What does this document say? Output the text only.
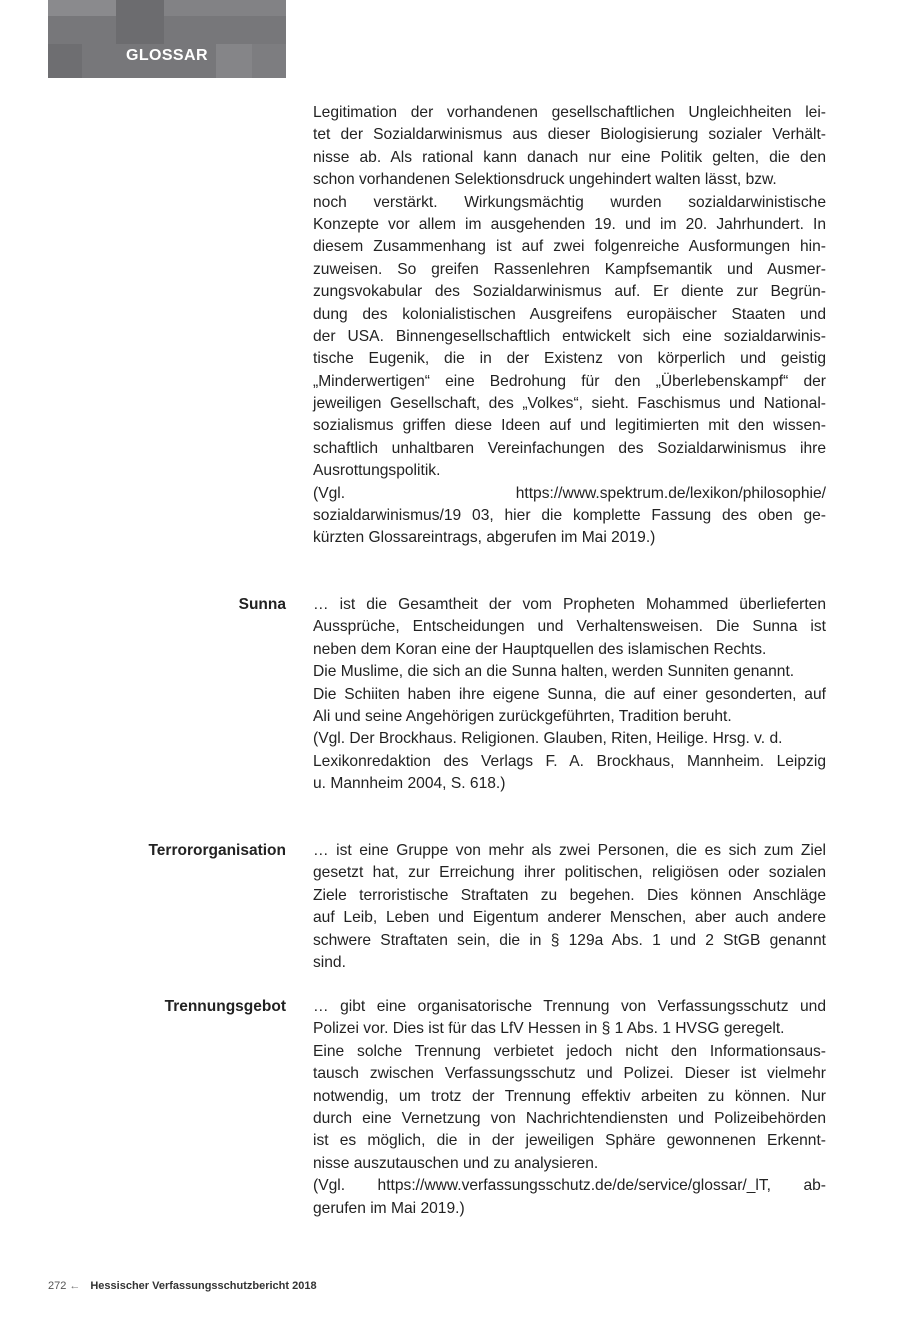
GLOSSAR
Legitimation der vorhandenen gesellschaftlichen Ungleichheiten lei-
tet der Sozialdarwinismus aus dieser Biologisierung sozialer Verhält-
nisse ab. Als rational kann danach nur eine Politik gelten, die den
schon vorhandenen Selektionsdruck ungehindert walten lässt, bzw.
noch verstärkt. Wirkungsmächtig wurden sozialdarwinistische
Konzepte vor allem im ausgehenden 19. und im 20. Jahrhundert. In
diesem Zusammenhang ist auf zwei folgenreiche Ausformungen hin-
zuweisen. So greifen Rassenlehren Kampfsemantik und Ausmer-
zungsvokabular des Sozialdarwinismus auf. Er diente zur Begrün-
dung des kolonialistischen Ausgreifens europäischer Staaten und
der USA. Binnengesellschaftlich entwickelt sich eine sozialdarwinis-
tische Eugenik, die in der Existenz von körperlich und geistig
„Minderwertigen“ eine Bedrohung für den „Überlebenskampf“ der
jeweiligen Gesellschaft, des „Volkes“, sieht. Faschismus und National-
sozialismus griffen diese Ideen auf und legitimierten mit den wissen-
schaftlich unhaltbaren Vereinfachungen des Sozialdarwinismus ihre
Ausrottungspolitik.
(Vgl. https://www.spektrum.de/lexikon/philosophie/
sozialdarwinismus/19 03, hier die komplette Fassung des oben ge-
kürzten Glossareintrags, abgerufen im Mai 2019.)
Sunna … ist die Gesamtheit der vom Propheten Mohammed überlieferten
Aussprüche, Entscheidungen und Verhaltensweisen. Die Sunna ist
neben dem Koran eine der Hauptquellen des islamischen Rechts.
Die Muslime, die sich an die Sunna halten, werden Sunniten genannt.
Die Schiiten haben ihre eigene Sunna, die auf einer gesonderten, auf
Ali und seine Angehörigen zurückgeführten, Tradition beruht.
(Vgl. Der Brockhaus. Religionen. Glauben, Riten, Heilige. Hrsg. v. d.
Lexikonredaktion des Verlags F. A. Brockhaus, Mannheim. Leipzig
u. Mannheim 2004, S. 618.)
Terrororganisation … ist eine Gruppe von mehr als zwei Personen, die es sich zum Ziel
gesetzt hat, zur Erreichung ihrer politischen, religiösen oder sozialen
Ziele terroristische Straftaten zu begehen. Dies können Anschläge
auf Leib, Leben und Eigentum anderer Menschen, aber auch andere
schwere Straftaten sein, die in § 129a Abs. 1 und 2 StGB genannt
sind.
Trennungsgebot … gibt eine organisatorische Trennung von Verfassungsschutz und
Polizei vor. Dies ist für das LfV Hessen in § 1 Abs. 1 HVSG geregelt.
Eine solche Trennung verbietet jedoch nicht den Informationsaus-
tausch zwischen Verfassungsschutz und Polizei. Dieser ist vielmehr
notwendig, um trotz der Trennung effektiv arbeiten zu können. Nur
durch eine Vernetzung von Nachrichtendiensten und Polizeibehörden
ist es möglich, die in der jeweiligen Sphäre gewonnenen Erkennt-
nisse auszutauschen und zu analysieren.
(Vgl. https://www.verfassungsschutz.de/de/service/glossar/_lT, ab-
gerufen im Mai 2019.)

272 ← Hessischer Verfassungsschutzbericht 2018
